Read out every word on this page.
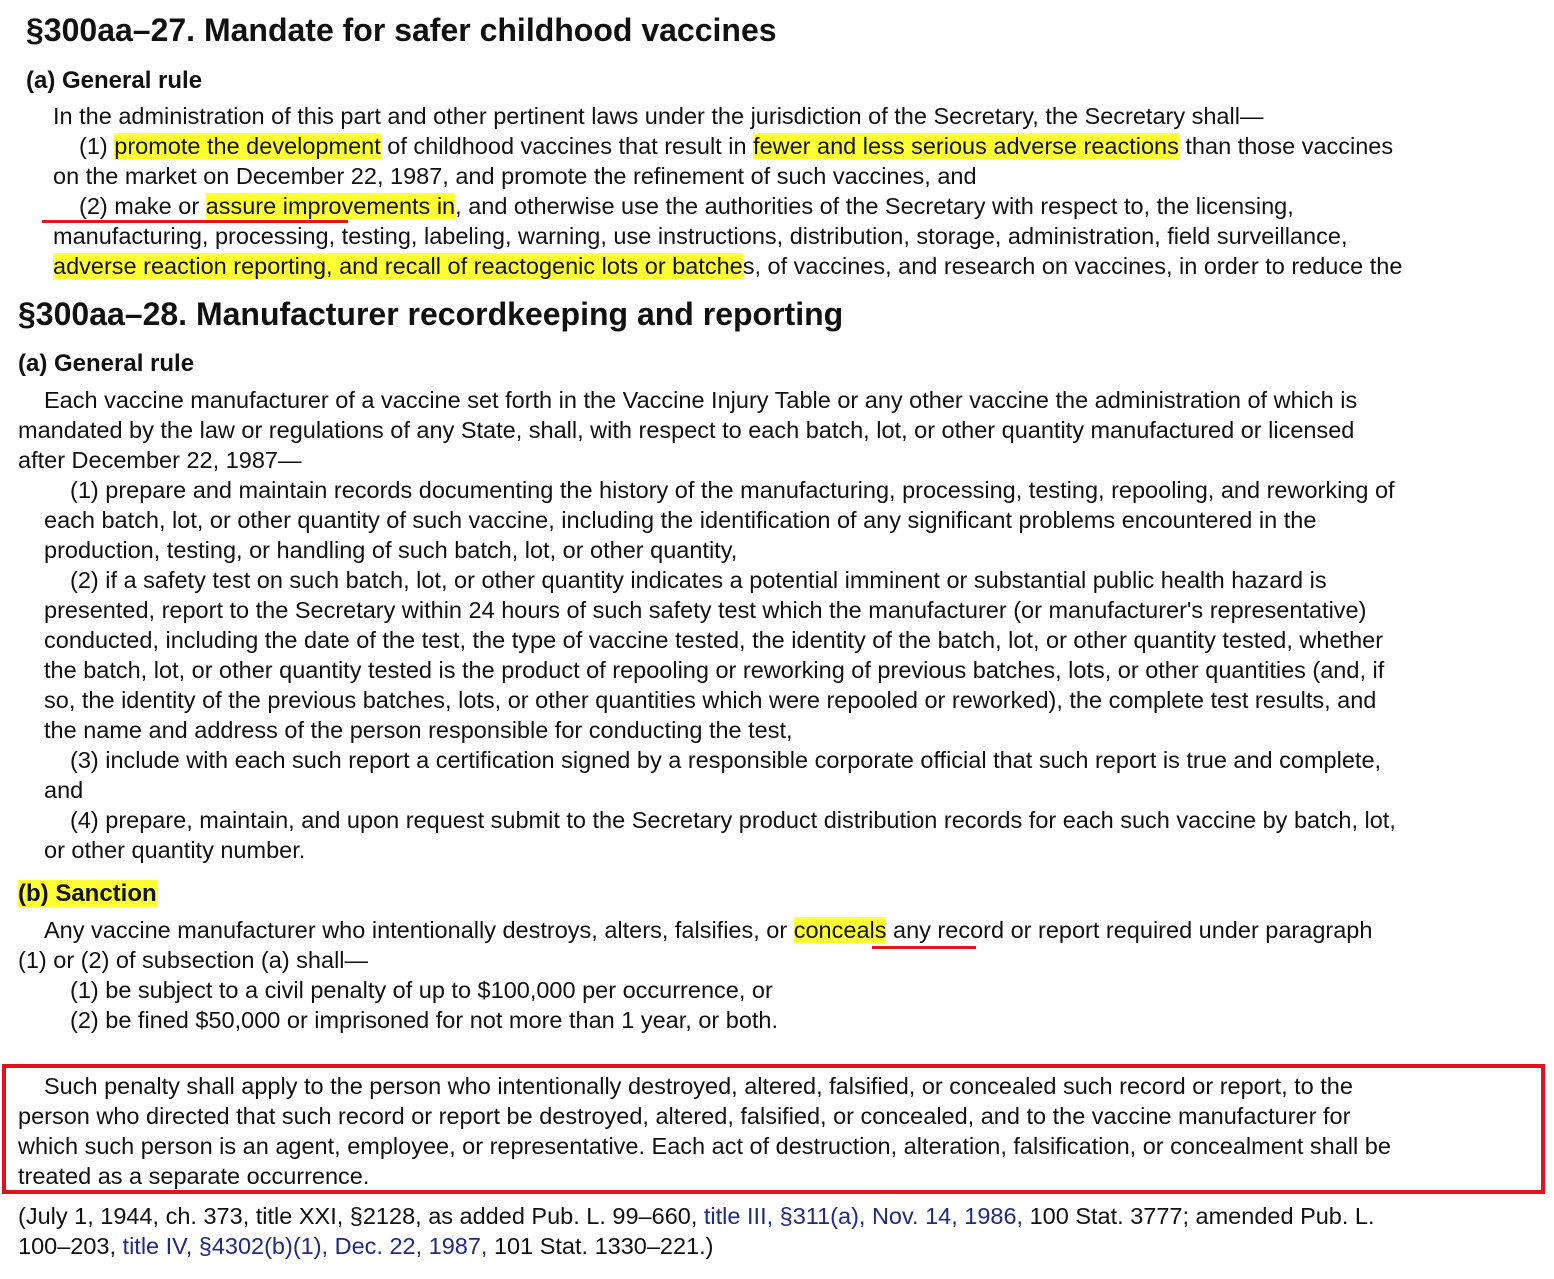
§300aa–27. Mandate for safer childhood vaccines
(a) General rule
In the administration of this part and other pertinent laws under the jurisdiction of the Secretary, the Secretary shall—
(1) promote the development of childhood vaccines that result in fewer and less serious adverse reactions than those vaccines
on the market on December 22, 1987, and promote the refinement of such vaccines, and
(2) make or assure improvements in, and otherwise use the authorities of the Secretary with respect to, the licensing,
manufacturing, processing, testing, labeling, warning, use instructions, distribution, storage, administration, field surveillance,
adverse reaction reporting, and recall of reactogenic lots or batches, of vaccines, and research on vaccines, in order to reduce the
§300aa–28. Manufacturer recordkeeping and reporting
(a) General rule
Each vaccine manufacturer of a vaccine set forth in the Vaccine Injury Table or any other vaccine the administration of which is
mandated by the law or regulations of any State, shall, with respect to each batch, lot, or other quantity manufactured or licensed
after December 22, 1987—
(1) prepare and maintain records documenting the history of the manufacturing, processing, testing, repooling, and reworking of
each batch, lot, or other quantity of such vaccine, including the identification of any significant problems encountered in the
production, testing, or handling of such batch, lot, or other quantity,
(2) if a safety test on such batch, lot, or other quantity indicates a potential imminent or substantial public health hazard is
presented, report to the Secretary within 24 hours of such safety test which the manufacturer (or manufacturer's representative)
conducted, including the date of the test, the type of vaccine tested, the identity of the batch, lot, or other quantity tested, whether
the batch, lot, or other quantity tested is the product of repooling or reworking of previous batches, lots, or other quantities (and, if
so, the identity of the previous batches, lots, or other quantities which were repooled or reworked), the complete test results, and
the name and address of the person responsible for conducting the test,
(3) include with each such report a certification signed by a responsible corporate official that such report is true and complete,
and
(4) prepare, maintain, and upon request submit to the Secretary product distribution records for each such vaccine by batch, lot,
or other quantity number.
(b) Sanction
Any vaccine manufacturer who intentionally destroys, alters, falsifies, or conceals any record or report required under paragraph
(1) or (2) of subsection (a) shall—
(1) be subject to a civil penalty of up to $100,000 per occurrence, or
(2) be fined $50,000 or imprisoned for not more than 1 year, or both.
Such penalty shall apply to the person who intentionally destroyed, altered, falsified, or concealed such record or report, to the
person who directed that such record or report be destroyed, altered, falsified, or concealed, and to the vaccine manufacturer for
which such person is an agent, employee, or representative. Each act of destruction, alteration, falsification, or concealment shall be
treated as a separate occurrence.
(July 1, 1944, ch. 373, title XXI, §2128, as added Pub. L. 99–660, title III, §311(a), Nov. 14, 1986, 100 Stat. 3777; amended Pub. L.
100–203, title IV, §4302(b)(1), Dec. 22, 1987, 101 Stat. 1330–221.)
